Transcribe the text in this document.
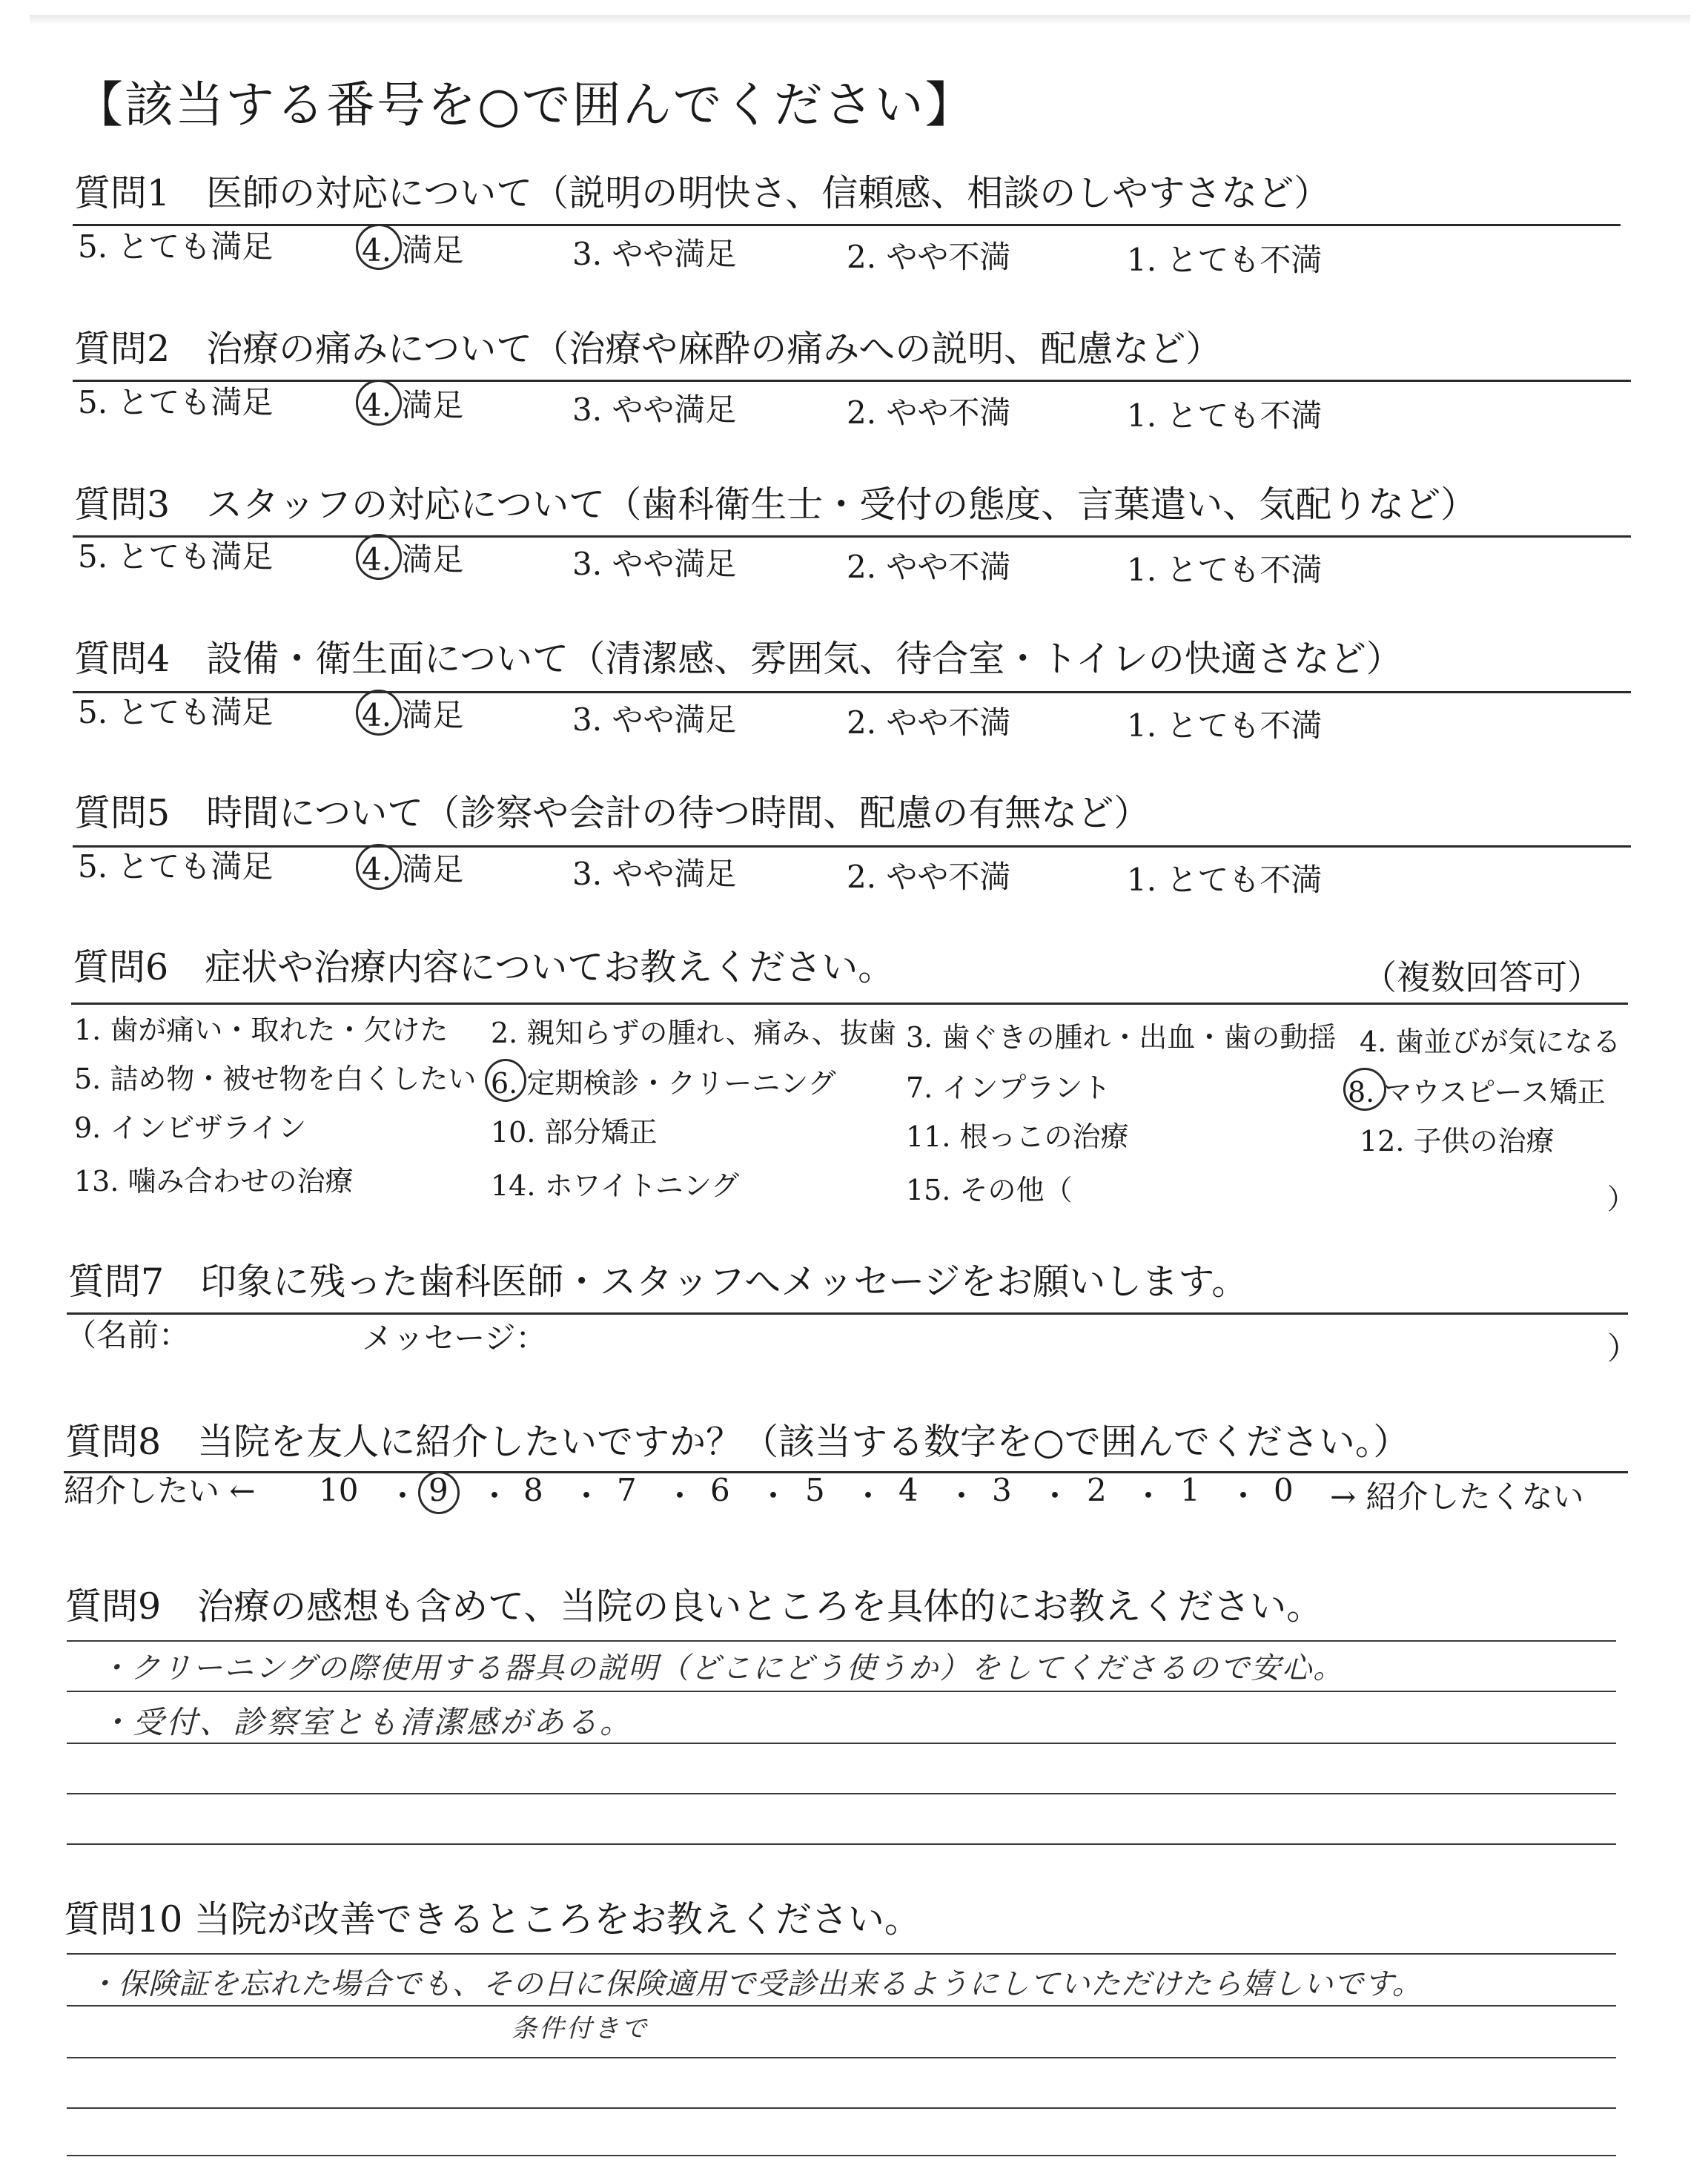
【該当する番号を○で囲んでください】
質問1　医師の対応について（説明の明快さ、信頼感、相談のしやすさなど）
5. とても満足	4. 満足	3. やや満足	2. やや不満	1. とても不満
質問2　治療の痛みについて（治療や麻酔の痛みへの説明、配慮など）
5. とても満足	4. 満足	3. やや満足	2. やや不満	1. とても不満
質問3　スタッフの対応について（歯科衛生士・受付の態度、言葉遣い、気配りなど）
5. とても満足	4. 満足	3. やや満足	2. やや不満	1. とても不満
質問4　設備・衛生面について（清潔感、雰囲気、待合室・トイレの快適さなど）
5. とても満足	4. 満足	3. やや満足	2. やや不満	1. とても不満
質問5　時間について（診察や会計の待つ時間、配慮の有無など）
5. とても満足	4. 満足	3. やや満足	2. やや不満	1. とても不満
質問6　症状や治療内容についてお教えください。	（複数回答可）
1. 歯が痛い・取れた・欠けた 2. 親知らずの腫れ、痛み、抜歯 3. 歯ぐきの腫れ・出血・歯の動揺 4. 歯並びが気になる
5. 詰め物・被せ物を白くしたい 6. 定期検診・クリーニング 7. インプラント	8. マウスピース矯正
9. インビザライン	10. 部分矯正	11. 根っこの治療	12. 子供の治療
13. 噛み合わせの治療	14. ホワイトニング	15. その他（	）
質問7　印象に残った歯科医師・スタッフへメッセージをお願いします。
（名前：	メッセージ：	）
質問8　当院を友人に紹介したいですか？（該当する数字を○で囲んでください。）
紹介したい ← 10 ・ 9 ・ 8 ・ 7 ・ 6 ・ 5 ・ 4 ・ 3 ・ 2 ・ 1 ・ 0 → 紹介したくない
質問9　治療の感想も含めて、当院の良いところを具体的にお教えください。
・クリーニングの際使用する器具の説明（どこにどう使うか）をしてくださるので安心。
・受付、診察室とも清潔感がある。
質問10 当院が改善できるところをお教えください。
・保険証を忘れた場合でも、その日に保険適用で受診出来るようにしていただけたら嬉しいです。
条件付きで
